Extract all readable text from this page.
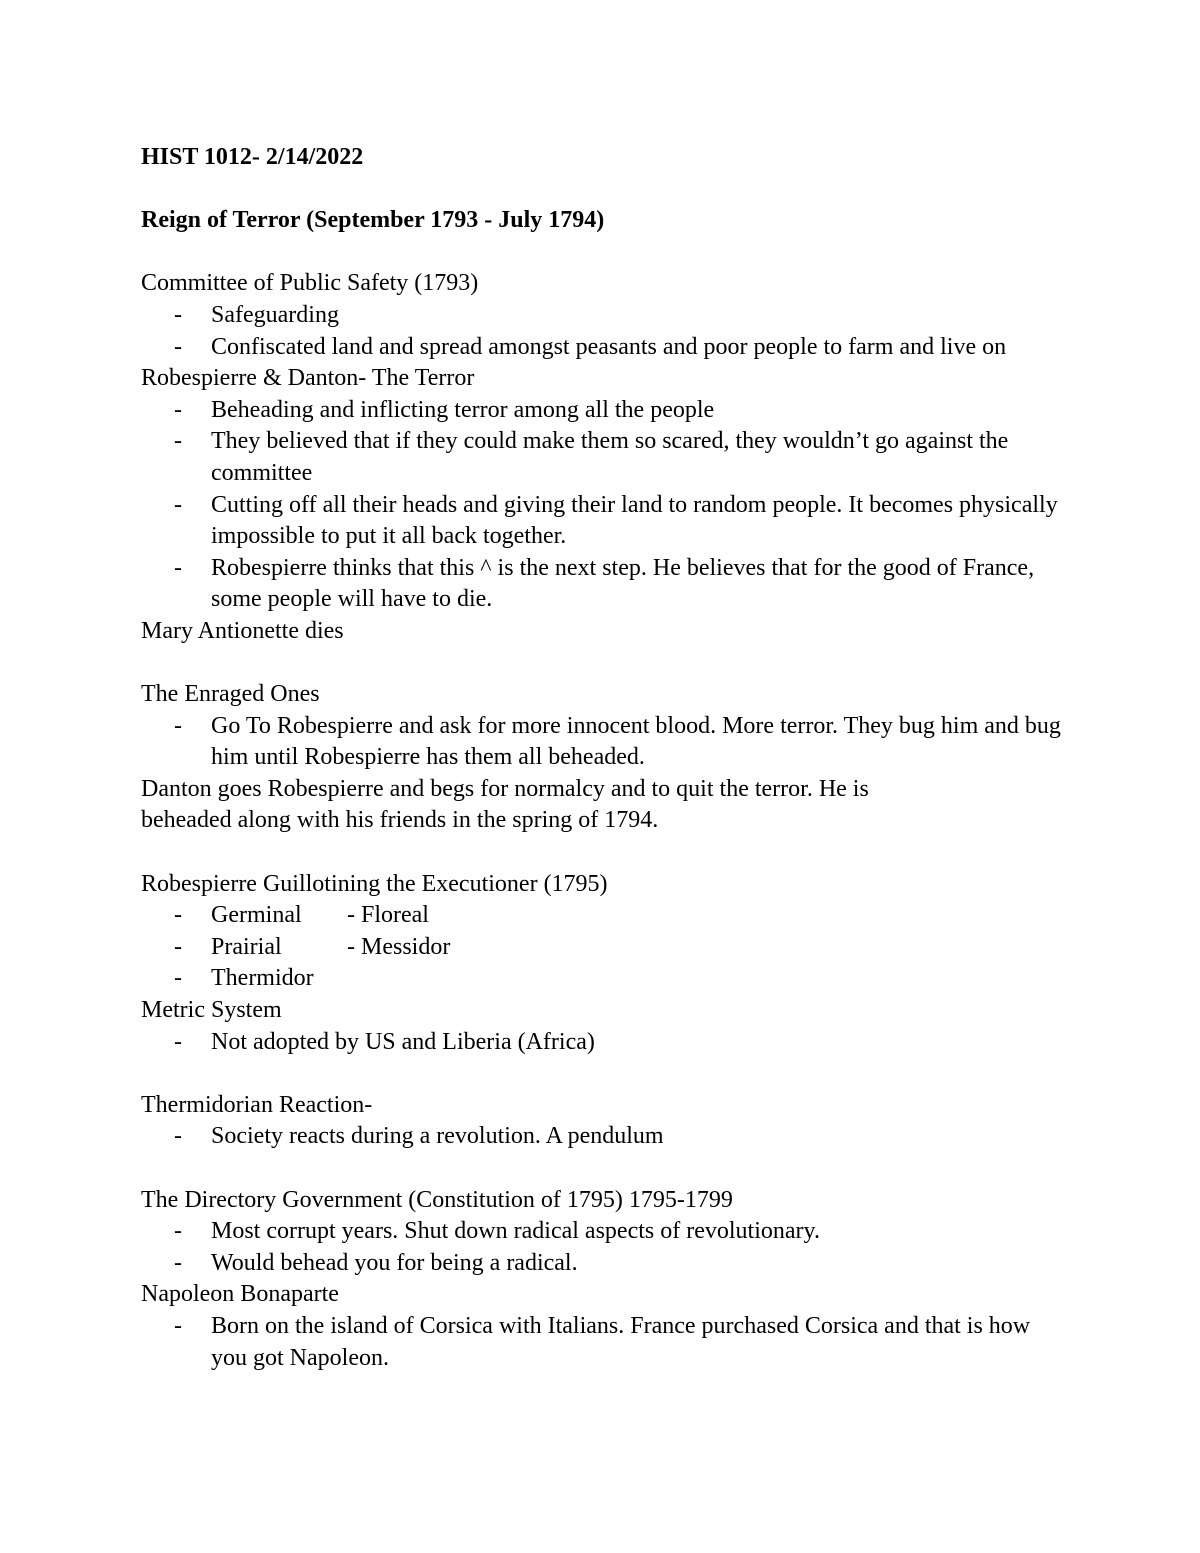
HIST 1012- 2/14/2022
Reign of Terror (September 1793 - July 1794)
Committee of Public Safety (1793)
- Safeguarding
- Confiscated land and spread amongst peasants and poor people to farm and live on
Robespierre & Danton- The Terror
- Beheading and inflicting terror among all the people
- They believed that if they could make them so scared, they wouldn’t go against the committee
- Cutting off all their heads and giving their land to random people. It becomes physically impossible to put it all back together.
- Robespierre thinks that this ^ is the next step. He believes that for the good of France, some people will have to die.
Mary Antionette dies
The Enraged Ones
- Go To Robespierre and ask for more innocent blood. More terror. They bug him and bug him until Robespierre has them all beheaded.
Danton goes Robespierre and begs for normalcy and to quit the terror. He is
beheaded along with his friends in the spring of 1794.
Robespierre Guillotining the Executioner (1795)
- Germinal - Floreal
- Prairial	- Messidor
- Thermidor
Metric System
- Not adopted by US and Liberia (Africa)
Thermidorian Reaction-
- Society reacts during a revolution. A pendulum
The Directory Government (Constitution of 1795) 1795-1799
- Most corrupt years. Shut down radical aspects of revolutionary.
- Would behead you for being a radical.
Napoleon Bonaparte
- Born on the island of Corsica with Italians. France purchased Corsica and that is how you got Napoleon.
